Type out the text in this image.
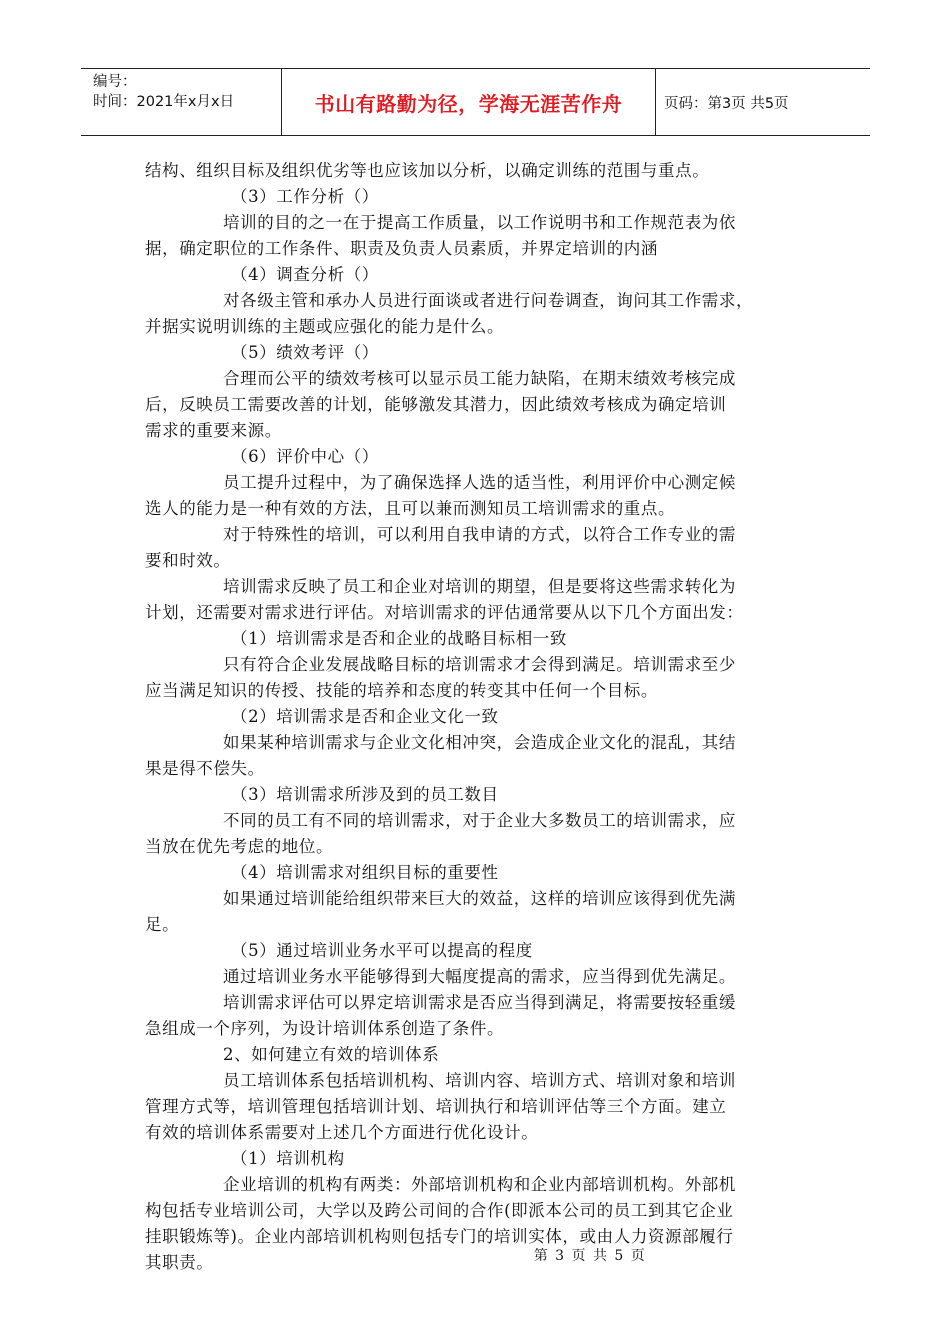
编号：
时间：2021年x月x日	书山有路勤为径，学海无涯苦作舟	页码：第3页 共5页
结构、组织目标及组织优劣等也应该加以分析，以确定训练的范围与重点。
（3）工作分析（）
培训的目的之一在于提高工作质量，以工作说明书和工作规范表为依
据，确定职位的工作条件、职责及负责人员素质，并界定培训的内涵
（4）调查分析（）
对各级主管和承办人员进行面谈或者进行问卷调查，询问其工作需求，
并据实说明训练的主题或应强化的能力是什么。
（5）绩效考评（）
合理而公平的绩效考核可以显示员工能力缺陷，在期末绩效考核完成
后，反映员工需要改善的计划，能够激发其潜力，因此绩效考核成为确定培训
需求的重要来源。
（6）评价中心（）
员工提升过程中，为了确保选择人选的适当性，利用评价中心测定候
选人的能力是一种有效的方法，且可以兼而测知员工培训需求的重点。
对于特殊性的培训，可以利用自我申请的方式，以符合工作专业的需
要和时效。
培训需求反映了员工和企业对培训的期望，但是要将这些需求转化为
计划，还需要对需求进行评估。对培训需求的评估通常要从以下几个方面出发：
（1）培训需求是否和企业的战略目标相一致
只有符合企业发展战略目标的培训需求才会得到满足。培训需求至少
应当满足知识的传授、技能的培养和态度的转变其中任何一个目标。
（2）培训需求是否和企业文化一致
如果某种培训需求与企业文化相冲突，会造成企业文化的混乱，其结
果是得不偿失。
（3）培训需求所涉及到的员工数目
不同的员工有不同的培训需求，对于企业大多数员工的培训需求，应
当放在优先考虑的地位。
（4）培训需求对组织目标的重要性
如果通过培训能给组织带来巨大的效益，这样的培训应该得到优先满
足。
（5）通过培训业务水平可以提高的程度
通过培训业务水平能够得到大幅度提高的需求，应当得到优先满足。
培训需求评估可以界定培训需求是否应当得到满足，将需要按轻重缓
急组成一个序列，为设计培训体系创造了条件。
2、如何建立有效的培训体系
员工培训体系包括培训机构、培训内容、培训方式、培训对象和培训
管理方式等，培训管理包括培训计划、培训执行和培训评估等三个方面。建立
有效的培训体系需要对上述几个方面进行优化设计。
（1）培训机构
企业培训的机构有两类：外部培训机构和企业内部培训机构。外部机
构包括专业培训公司，大学以及跨公司间的合作(即派本公司的员工到其它企业
挂职锻炼等)。企业内部培训机构则包括专门的培训实体，或由人力资源部履行
其职责。	第 3 页 共 5 页
